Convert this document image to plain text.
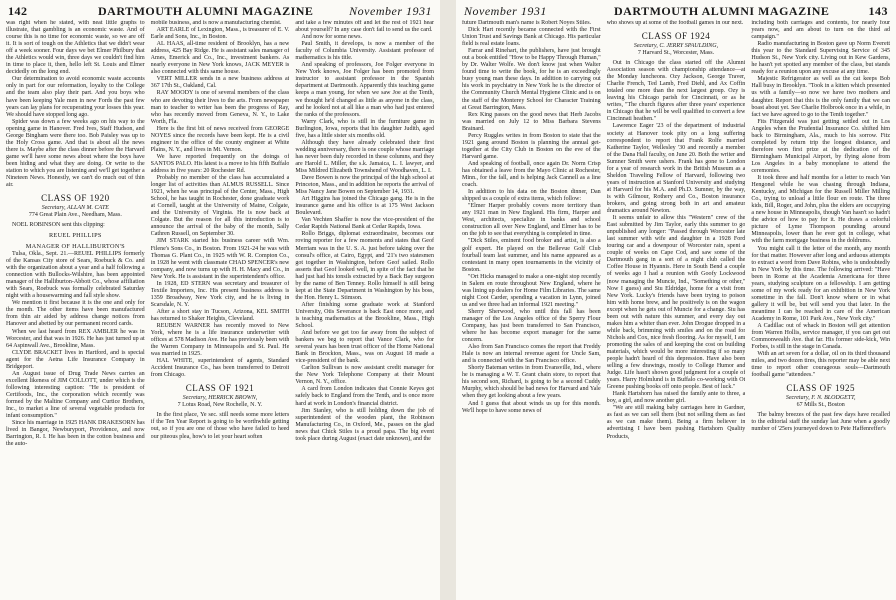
142	DARTMOUTH ALUMNI MAGAZINE	November 1931

was right when he stated, with neat little graphs to illustrate, that gambling is an economic waste. And of course this is no time for economic waste, so we are off it. It is sort of tough on the Athletics that we didn't wear off a week sooner. Four days we bet Elmer Philbury that the Athletics would win, three days we couldn't find him in time to place it, then, hello left St. Louis and Elmer decidedly on the long end.

Our determination to avoid economic waste accounts only in part for our reformation, loyalty to the College and the team also play their part. And you boys who have been keeping Yale men in new Fords the past few years can lay plans for recuperating your losses this year. We should have stopped long ago.

Spider was down a few weeks ago on his way to the opening game in Hanover. Fred Ives, Staff Hudson, and George Bingham were there too. Bob Paisley was up to the Holy Cross game. And that is about all the news there is. Maybe after the class dinner before the Harvard game we'll have some news about where the boys have been hiding and what they are doing. Or write to the station to which you are listening and we'll get together a Nineteen News. Honestly, we can't do much out of thin air.

CLASS OF 1920
Secretary, ALLAN M. CATE
774 Great Plain Ave., Needham, Mass.

NOEL ROBINSON sent this clipping:

REUEL PHILLIPS
MANAGER OF HALLIBURTON'S

Tulsa, Okla., Sept. 21.—REUEL PHILLIPS formerly of the Kansas City store of Sears, Roebuck & Co. and with the organization about a year and a half following a connection with Bullocks-Wilshire, has been appointed manager of the Halliburton-Abbott Co., whose affiliation with Sears, Roebuck was formally celebrated Saturday night with a housewarming and fall style show.

We mention it first because it is the one and only for the month. The other items have been manufactured from thin air aided by address change notices from Hanover and abetted by our permanent record cards.

When we last heard from REX AMBLER he was in Worcester, and that was in 1926. He has just turned up at 64 Aspinwall Ave., Brookline, Mass.

CLYDE BRACKET lives in Hartford, and is special agent for the Aetna Life Insurance Company in Bridgeport.

An August issue of Drug Trade News carries an excellent likeness of JIM COLLOTT, under which is the following interesting caption: "He is president of Certifoods, Inc., the corporation which recently was formed by the Maltine Company and Curtice Brothers, Inc., to market a line of several vegetable products for infant consumption."

Since his marriage in 1925 HANK DRAKESORN has lived in Bangor, Newburyport, Providence, and now Barrington, R. I. He has been in the cotton business and the auto-

mobile business, and is now a manufacturing chemist.

ART EARLE of Lexington, Mass., is treasurer of E. V. Earle and Sons, Inc., in Boston.

AL HAAS, all-time resident of Brooklyn, has a new address, 425 Bay Ridge. He is assistant sales manager of Ames, Emerick and Co., Inc., investment bankers. As nearly everyone in New York knows, JACK MEYER is also connected with this same house.

VERT MILLER sends in a new business address at 367 17th St., Oakland, Cal.

RAY MOODY is one of several members of the class who are devoting their lives to the arts. From newspaper man to teacher to writer has been the progress of Ray, who has recently moved from Geneva, N. Y., to Lake Worth, Fla.

Here is the first bit of news received from GEORGE NOYES since the records have been kept. He is a civil engineer in the office of the county engineer at White Plains, N. Y., and lives in Mt. Vernon.

We have reported frequently on the doings of SANTOS PALO. His latest is a move to his fifth Buffalo address in five years: 20 Rochester Rd.

Probably no member of the class has accumulated a longer list of activities than ALMUS RUSSELL. Since 1921, when he was principal of the Center, Mass., High School, he has taught in Rochester, done graduate work at Cornell, taught at the University of Maine, Colgate, and the University of Virginia. He is now back at Colgate. But the reason for all this introduction is to announce the arrival of the baby of the month, Sally Cathren Russell, on September 30.

JIM STARK started his business career with Wm. Filene's Sons Co., in Boston. From 1921-24 he was with Thomas G. Plant Co., in 1925 with W. R. Compton Co., in 1928 he went with classmate CHAD SPENCER's new company, and now turns up with H. H. Macy and Co., in New York. He is assistant in the superintendent's office.

In 1928, ED STERN was secretary and treasurer of Textile Importers, Inc. His present business address is 1359 Broadway, New York city, and he is living in Scarsdale, N. Y.

After a short stay in Tucson, Arizona, KEL SMITH has returned to Shaker Heights, Cleveland.

REUBEN WARNER has recently moved to New York, where he is a life insurance underwriter with offices at 578 Madison Ave. He has previously been with the Warren Company in Minneapolis and St. Paul. He was married in 1925.

HAL WHITE, superintendent of agents, Standard Accident Insurance Co., has been transferred to Detroit from Chicago.

CLASS OF 1921
Secretary, HERRICK BROWN,
7 Lotus Road, New Rochelle, N. Y.

In the first place, Ye sec. still needs some more letters if the Ten Year Report is going to be worthwhile getting out, so if you are one of those who have failed to heed our piteous plea, how's to let your heart soften

and take a few minutes off and let the rest of 1921 hear about yourself? In any case don't fail to send us the card.

And now for some news.

Paul Smith, it develops, is now a member of the faculty of Columbia University. Assistant professor of mathematics is his title.

And speaking of professors, Joe Folger everyone in New York knows, Joe Folger has been promoted from instructor to assistant professor in the Spanish department at Dartmouth. Apparently this teaching game keeps a man young, for when we saw Joe at the Tenth, we thought he'd changed as little as anyone in the class, and he looked not at all like a man who had just entered the ranks of the professors.

Warry Clark, who is still in the furniture game in Burlington, Iowa, reports that his daughter Judith, aged five, has a little sister six months old.

Although they have already celebrated their first wedding anniversary, there is one couple whose marriage has never been duly recorded in these columns, and they are Harold L. Miller, the s.k. Jamaica, L. I. lawyer, and Miss Mildred Elizabeth Townshend of Woodhaven, L. I.

Dave Bowen is now the principal of the high school at Princeton, Mass., and in addition he reports the arrival of Miss Nancy Jane Bowen on September 14, 1931.

Art Higgins has joined the Chicago gang. He is in the insurance game and his office is at 175 West Jackson Boulevard.

Van Vechten Shaffer is now the vice-president of the Cedar Rapids National Bank at Cedar Rapids, Iowa.

Rollo Briggs, diplomat extraordinaire, becomes our roving reporter for a few moments and states that Geof Merriam was in the U. S. A. just before taking over the consul's office, at Cairo, Egypt, and '21's two statesmen got together in Washington, before Geof sailed. Rollo asserts that Geof looked well, in spite of the fact that he had just had his tonsils extracted by a Back Bay surgeon by the name of Ben Tenney. Rollo himself is still being kept at the State Department in Washington by his boss, the Hon. Henry L. Stimson.

After finishing some graduate work at Stanford University, Otis Severance is back East once more, and is teaching mathematics at the Brookline, Mass., High School.

And before we get too far away from the subject of bankers we beg to report that Vance Clark, who for several years has been trust officer of the Home National Bank in Brockton, Mass., was on August 18 made a vice-president of the bank.

Carlton Sullivan is now assistant credit manager for the New York Telephone Company at their Mount Vernon, N. Y., office.

A card from London indicates that Connie Keyes got safely back to England from the Tenth, and is once more hard at work in London's financial district.

Jim Stanley, who is still holding down the job of superintendent of the wooden plant, the Robinson Manufacturing Co., in Oxford, Me., passes on the glad news that Chick Stiles is a proud papa. The big event took place during August (exact date unknown), and the

November 1931	DARTMOUTH ALUMNI MAGAZINE	143

future Dartmouth man's name is Robert Noyes Stiles.

Dick Hart recently became connected with the First Union Trust and Savings Bank at Chicago. His particular field is real estate loans.

Farrar and Rinehart, the publishers, have just brought out a book entitled "How to be Happy Through Human," by Dr. Walter Wolfe. We don't know just when Walter found time to write the book, for he is an exceedingly busy young man these days. In addition to carrying out his work in psychiatry in New York he is the director of the Community Church Mental Hygiene Clinic and is on the staff of the Monterey School for Character Training at Great Barrington, Mass.

Rex King passes on the good news that Herb Jacobs was married on July 12 to Miss Barbara Stevens Brainard.

Percy Ruggles writes in from Boston to state that the 1921 gang around Boston is planning the annual get-together at the City Club in Boston on the eve of the Harvard game.

And speaking of football, once again Dr. Norm Crisp has obtained a leave from the Mayo Clinic at Rochester, Minn., for the fall, and is helping Jack Cannell as a line coach.

In addition to his data on the Boston dinner, Dan shipped us a couple of extra items, which follow:

"Elmer Harper probably covers more territory than any 1921 man in New England. His firm, Harper and West, architects, specialize in banks and school construction all over New England, and Elmer has to be on the job to see that everything is completed in time.

"Dick Stiles, eminent food broker and artist, is also a golf expert. He played on the Bellevue Golf Club fourball team last summer, and his name appeared as a contestant in many open tournaments in the vicinity of Boston.

"Ort Hicks managed to make a one-night stop recently in Salem en route throughout New England, where he was lining up dealers for Home Film Libraries. The same night Coot Carder, spending a vacation in Lynn, joined us and we three had an informal 1921 meeting."

Sherry Sherwood, who until this fall has been manager of the Los Angeles office of the Sperry Flour Company, has just been transferred to San Francisco, where he has become export manager for the same concern.

Also from San Francisco comes the report that Freddy Hale is now an internal revenue agent for Uncle Sam, and is connected with the San Francisco office.

Shorty Bateman writes in from Evansville, Ind., where he is managing a W. T. Grant chain store, to report that his second son, Richard, is going to be a second Cuddy Murphy, which should be bad news for Harvard and Yale when they get looking about a few years.

And I guess that about winds us up for this month. We'll hope to have some news of

who shows up at some of the football games in our next.

CLASS OF 1924
Secretary, C. JERRY SPAULDING,
7 Harvard St., Worcester, Mass.

Out in Chicago the class started off the Alumni Association season with championship attendance—at the Monday luncheons. Ozy Jackson, George Traver, Charlie French, Ted Lamb, Fred Diehl, and Ax Coffin totaled one more than the next largest group. Ozy is leaving his Chicago parish for Cincinnati, or as he writes, "The church figures after three years' experience in Chicago that he will be well qualified to convert a few Cincinnati heathen."

Lawrence Eager '23 of the department of industrial society at Hanover took pity on a long suffering correspondent to report that Frank Rolfe married Katherine Taylor, Wellesley '30 and recently a member of the Dana Hall faculty, on June 20. Both the writer and Sumner Smith were ushers. Frank has gone to London for a year of research work in the British Museum as a Sheldon Traveling Fellow of Harvard, following two years of instruction at Stanford University and studying at Harvard for his M.A. and Ph.D. Sumner, by the way, is with Gilmour, Rothery and Co., Boston insurance brokers, and going strong both in art and amateur dramatics around Newton.

It seems unfair to allow this "Western" crew of the East submitted by Jim Taylor, early this summer to go unpublished any longer: "Passed through Worcester late last summer with wife and daughter in a 1928 Ford touring car and a downpour of Worcester rain, spent a couple of weeks on Cape Cod, and saw some of the Dartmouth gang in a sort of a night club called the Coffee House in Hyannis. Here in South Bend a couple of weeks ago I had a reunion with Goofy Lockwood (now managing the Muncie, Ind., "Something or other," Now I guess) and Stu Eldridge, home for a visit from New York. Lucky's friends have been trying to poison him with home brew, and he positively is on the wagon except when he gets out of Muncie for a change. Stu has been out with nature this summer, and every day out makes him a whiter than ever. John Drogue dropped in a while back, brimming with smiles and on the road for Nichols and Cox, nice fresh flooring. As for myself, I am promoting the sales of and keeping the cost on building materials, which would be more interesting if so many people hadn't heard of this depression. Have also been selling a few drawings, mostly to College Humor and Judge. Life hasn't shown good judgment for a couple of years. Harry Holmlund is in Buffalo co-working with Ot Greene pushing books off onto people. Best of luck."

Hank Hartshorn has raised the family ante to three, a boy, a girl, and now another girl.

"We are still making baby carriages here in Gardner, as fast as we can sell them (but not selling them as fast as we can make them). Being a firm believer in advertising I have been pushing Hartshorn Quality Products,

including both carriages and contents, for nearly four years now, and am about to turn on the third ad campaign."

Radio manufacturing in Boston gave up Norm Everett this year to the Standard Supervising Service of 345 Hudson St., New York city. Living out in Kew Gardens, he hasn't yet spotted any member of the class, but stands ready for a reunion upon any excuse at any time.

Majestic Refrigerator as well as the cat keeps Bob Hall busy in Brooklyn. "Took in a kitten which presented us with a family—so now we have two mothers and daughter. Report that this is the only family that we can boast about yet. See Charlie Holbrook once in a while, in fact we have agreed to go to the Tenth together."

Fits Fitzgerald was just getting settled out in Los Angeles when the Prudential Insurance Co. shifted him back to Birmingham, Ala., much to his sorrow. Fitz completed by return trip the longest distance, and therefore won first prize at the dedication of the Birmingham Municipal Airport, by flying alone from Los Angeles in a baby monoplane to attend the ceremonies.

It took three and half months for a letter to reach Van Hengonel while he was chasing through Indiana, Kentucky, and Michigan for the Russell Miller Milling Co., trying to unload a little flour en route. The three kids, Bill, Roger, and John, plus the elders are occupying a new house in Minneapolis, though Van hasn't so hadn't the advice of how to pay for it. He draws a colorful picture of Lyme Thompson pounding around Minneapolis, lower than he ever got in college, what with the farm mortgage business in the doldrums.

You might call it the letter of the month, any month for that matter. However after long and arduous attempts to extract a word from Dave Robins, who is undoubtedly in New York by this time. The following arrived: "Have been in Rome at the Academia Americana for three years, studying sculpture on a fellowship. I am getting some of my work ready for an exhibition in New York sometime in the fall. Don't know where or in what gallery it will be, but will send you that later. In the meantime I can be reached in care of the American Academy in Rome, 101 Park Ave., New York city."

A Cadillac out of whack in Boston will get attention from Warren Hollis, service manager, if you can get out Commonwealth Ave. that far. His former side-kick, Win Forbes, is still in the stage in Canada.

With an art seven for a dollar, oil on its third thousand miles, and two dozen tires, this reporter may be able next time to report other courageous souls—Dartmouth football game "attendees."

CLASS OF 1925
Secretary, F. N. BLODGETT,
67 Mills St., Boston

The balmy breezes of the past few days have recalled to the editorial staff the sunday last June when a goodly number of '25ers journeyed down to Pete Haffenreffer's
